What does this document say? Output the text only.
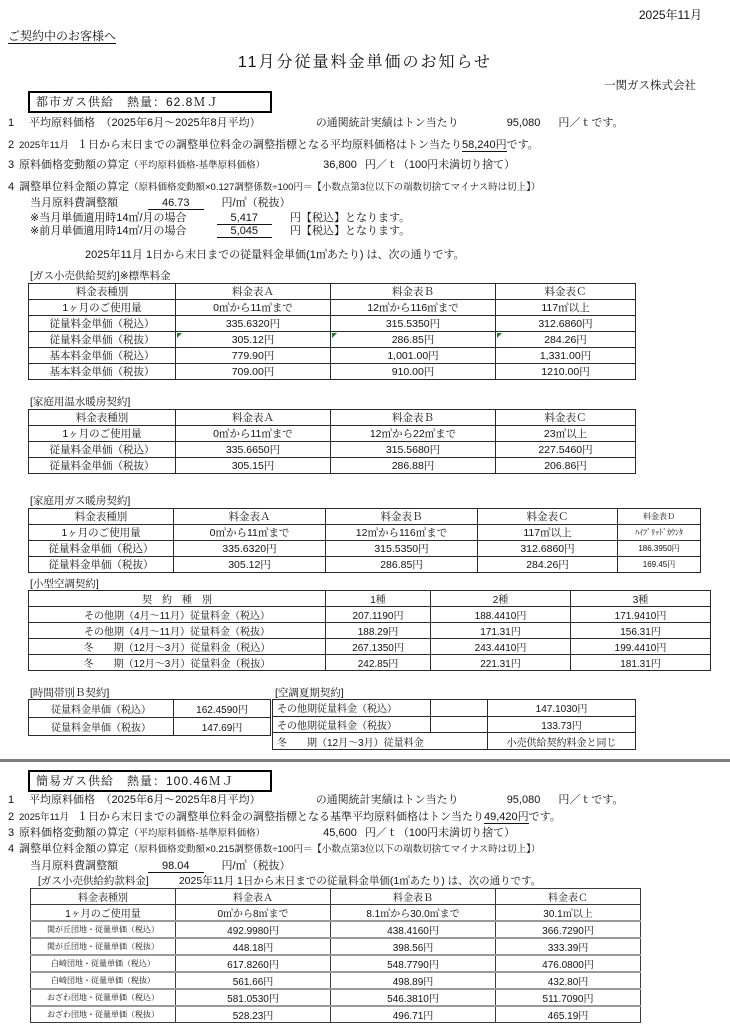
2025年11月
ご契約中のお客様へ
11月分従量料金単価のお知らせ
一関ガス株式会社
都市ガス供給　熱量：62.8ＭＪ
1 平均原料価格　（2025年6月～2025年8月平均）	の通関統計実績はトン当たり	95,080 円／ｔです。
2 2025年11月 １日から末日までの調整単位料金の調整指標となる平均原料価格はトン当たり58,240円です。
3 原料価格変動額の算定（平均原料価格-基準原料価格）	36,800 円／ｔ（100円未満切り捨て）
4 調整単位料金額の算定（原料価格変動額×0.127調整係数÷100円＝【小数点第3位以下の端数切捨てマイナス時は切上】）
当月原料費調整額	46.73	円/㎥（税抜）
※当月単価適用時14㎥/月の場合	5,417	円【税込】となります。
※前月単価適用時14㎥/月の場合	5,045	円【税込】となります。
2025年11月 1日から末日までの従量料金単価(1㎥あたり) は、次の通りです。
[ガス小売供給契約]※標準料金
料金表種別	料金表Ａ	料金表Ｂ	料金表Ｃ
1ヶ月のご使用量	0㎥から11㎥まで	12㎥から116㎥まで	117㎥以上
従量料金単価（税込）	335.6320円	315.5350円	312.6860円
従量料金単価（税抜）	305.12円	286.85円	284.26円
基本料金単価（税込）	779.90円	1,001.00円	1,331.00円
基本料金単価（税抜）	709.00円	910.00円	1210.00円
[家庭用温水暖房契約]
料金表種別	料金表Ａ	料金表Ｂ	料金表Ｃ
1ヶ月のご使用量	0㎥から11㎥まで	12㎥から22㎥まで	23㎥以上
従量料金単価（税込）	335.6650円	315.5680円	227.5460円
従量料金単価（税抜）	305.15円	286.88円	206.86円
[家庭用ガス暖房契約]
料金表種別	料金表Ａ	料金表Ｂ	料金表Ｃ	料金表Ｄ
1ヶ月のご使用量	0㎥から11㎥まで	12㎥から116㎥まで	117㎥以上	ﾊｲﾌﾞﾘｯﾄﾞｶｳﾝﾀ
従量料金単価（税込）	335.6320円	315.5350円	312.6860円	186.3950円
従量料金単価（税抜）	305.12円	286.85円	284.26円	169.45円
[小型空調契約]
契　約　種　別	1種	2種	3種
その他期（4月～11月）従量料金（税込）	207.1190円	188.4410円	171.9410円
その他期（4月～11月）従量料金（税抜）	188.29円	171.31円	156.31円
冬　　期（12月～3月）従量料金（税込）	267.1350円	243.4410円	199.4410円
冬　　期（12月～3月）従量料金（税抜）	242.85円	221.31円	181.31円
[時間帯別Ｂ契約]
従量料金単価（税込）	162.4590円
従量料金単価（税抜）	147.69円
[空調夏期契約]
その他期従量料金（税込）		147.1030円
その他期従量料金（税抜）		133.73円
冬　　期（12月～3月）従量料金		小売供給契約料金と同じ
簡易ガス供給　熱量：100.46ＭＪ
1 平均原料価格　（2025年6月～2025年8月平均）	の通関統計実績はトン当たり	95,080 円／ｔです。
2 2025年11月 １日から末日までの調整単位料金の調整指標となる基準平均原料価格はトン当たり49,420円です。
3 原料価格変動額の算定（平均原料価格-基準原料価格）	45,600 円／ｔ（100円未満切り捨て）
4 調整単位料金額の算定（原料価格変動額×0.215調整係数÷100円＝【小数点第3位以下の端数切捨てマイナス時は切上】）
当月原料費調整額	98.04	円/㎥（税抜）
[ガス小売供給約款料金]	2025年11月 1日から末日までの従量料金単価(1㎥あたり) は、次の通りです。
料金表種別	料金表Ａ	料金表Ｂ	料金表Ｃ
1ヶ月のご使用量	0㎥から8㎥まで	8.1㎥から30.0㎥まで	30.1㎥以上
関が丘団地・従量単価（税込）	492.9980円	438.4160円	366.7290円
関が丘団地・従量単価（税抜）	448.18円	398.56円	333.39円
白崎団地・従量単価（税込）	617.8260円	548.7790円	476.0800円
白崎団地・従量単価（税抜）	561.66円	498.89円	432.80円
おざわ団地・従量単価（税込）	581.0530円	546.3810円	511.7090円
おざわ団地・従量単価（税抜）	528.23円	496.71円	465.19円
